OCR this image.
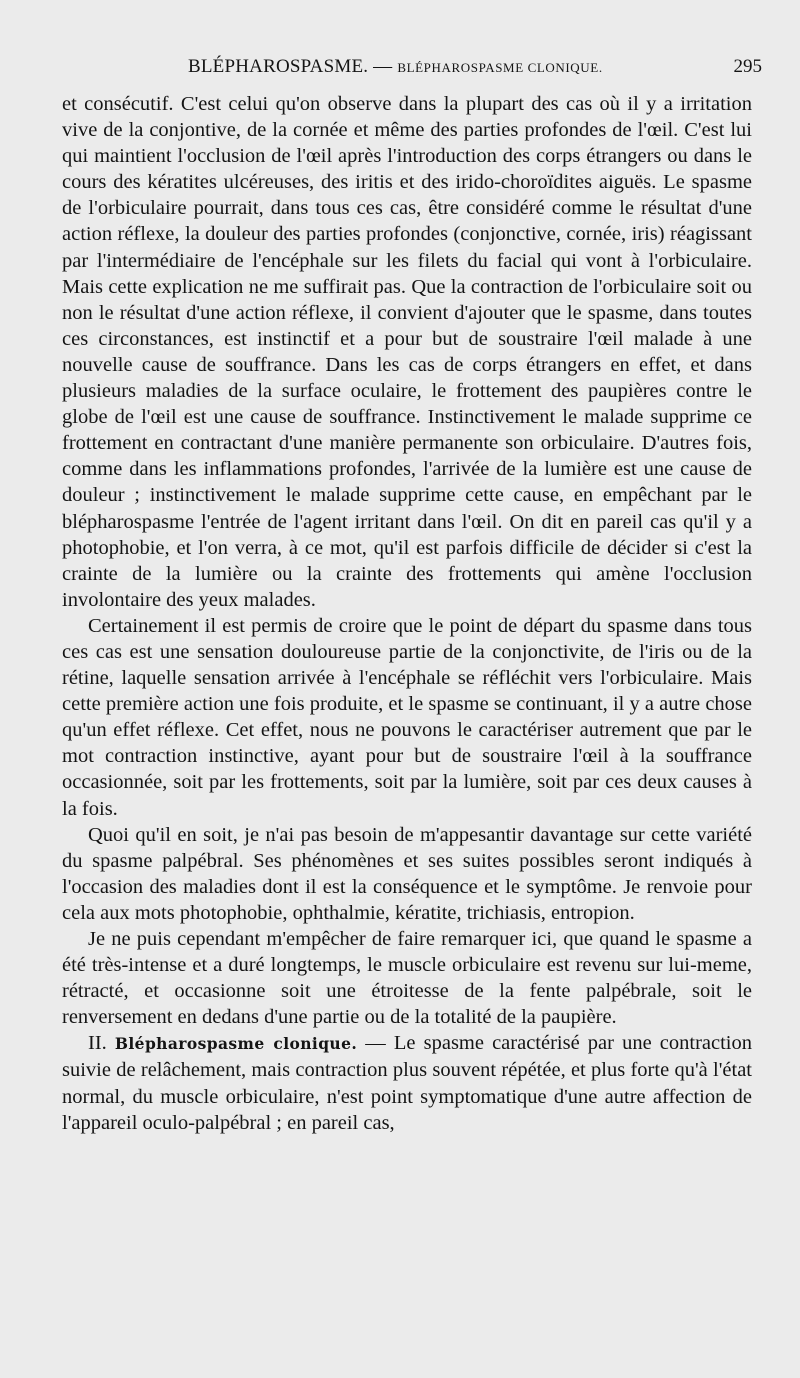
BLÉPHAROSPASME. — BLÉPHAROSPASME CLONIQUE.	295

et consécutif. C'est celui qu'on observe dans la plupart des cas où il y a irritation vive de la conjontive, de la cornée et même des parties profondes de l'œil. C'est lui qui maintient l'occlusion de l'œil après l'introduction des corps étrangers ou dans le cours des kératites ulcéreuses, des iritis et des irido-choroïdites aiguës. Le spasme de l'orbiculaire pourrait, dans tous ces cas, être considéré comme le résultat d'une action réflexe, la douleur des parties profondes (conjonctive, cornée, iris) réagissant par l'intermédiaire de l'encéphale sur les filets du facial qui vont à l'orbiculaire. Mais cette explication ne me suffirait pas. Que la contraction de l'orbiculaire soit ou non le résultat d'une action réflexe, il convient d'ajouter que le spasme, dans toutes ces circonstances, est instinctif et a pour but de soustraire l'œil malade à une nouvelle cause de souffrance. Dans les cas de corps étrangers en effet, et dans plusieurs maladies de la surface oculaire, le frottement des paupières contre le globe de l'œil est une cause de souffrance. Instinctivement le malade supprime ce frottement en contractant d'une manière permanente son orbiculaire. D'autres fois, comme dans les inflammations profondes, l'arrivée de la lumière est une cause de douleur ; instinctivement le malade supprime cette cause, en empêchant par le blépharospasme l'entrée de l'agent irritant dans l'œil. On dit en pareil cas qu'il y a photophobie, et l'on verra, à ce mot, qu'il est parfois difficile de décider si c'est la crainte de la lumière ou la crainte des frottements qui amène l'occlusion involontaire des yeux malades.

Certainement il est permis de croire que le point de départ du spasme dans tous ces cas est une sensation douloureuse partie de la conjonctivite, de l'iris ou de la rétine, laquelle sensation arrivée à l'encéphale se réfléchit vers l'orbiculaire. Mais cette première action une fois produite, et le spasme se continuant, il y a autre chose qu'un effet réflexe. Cet effet, nous ne pouvons le caractériser autrement que par le mot contraction instinctive, ayant pour but de soustraire l'œil à la souffrance occasionnée, soit par les frottements, soit par la lumière, soit par ces deux causes à la fois.

Quoi qu'il en soit, je n'ai pas besoin de m'appesantir davantage sur cette variété du spasme palpébral. Ses phénomènes et ses suites possibles seront indiqués à l'occasion des maladies dont il est la conséquence et le symptôme. Je renvoie pour cela aux mots photophobie, ophthalmie, kératite, trichiasis, entropion.

Je ne puis cependant m'empêcher de faire remarquer ici, que quand le spasme a été très-intense et a duré longtemps, le muscle orbiculaire est revenu sur lui-meme, rétracté, et occasionne soit une étroitesse de la fente palpébrale, soit le renversement en dedans d'une partie ou de la totalité de la paupière.

II. Blépharospasme clonique. — Le spasme caractérisé par une contraction suivie de relâchement, mais contraction plus souvent répétée, et plus forte qu'à l'état normal, du muscle orbiculaire, n'est point symptomatique d'une autre affection de l'appareil oculo-palpébral ; en pareil cas,
